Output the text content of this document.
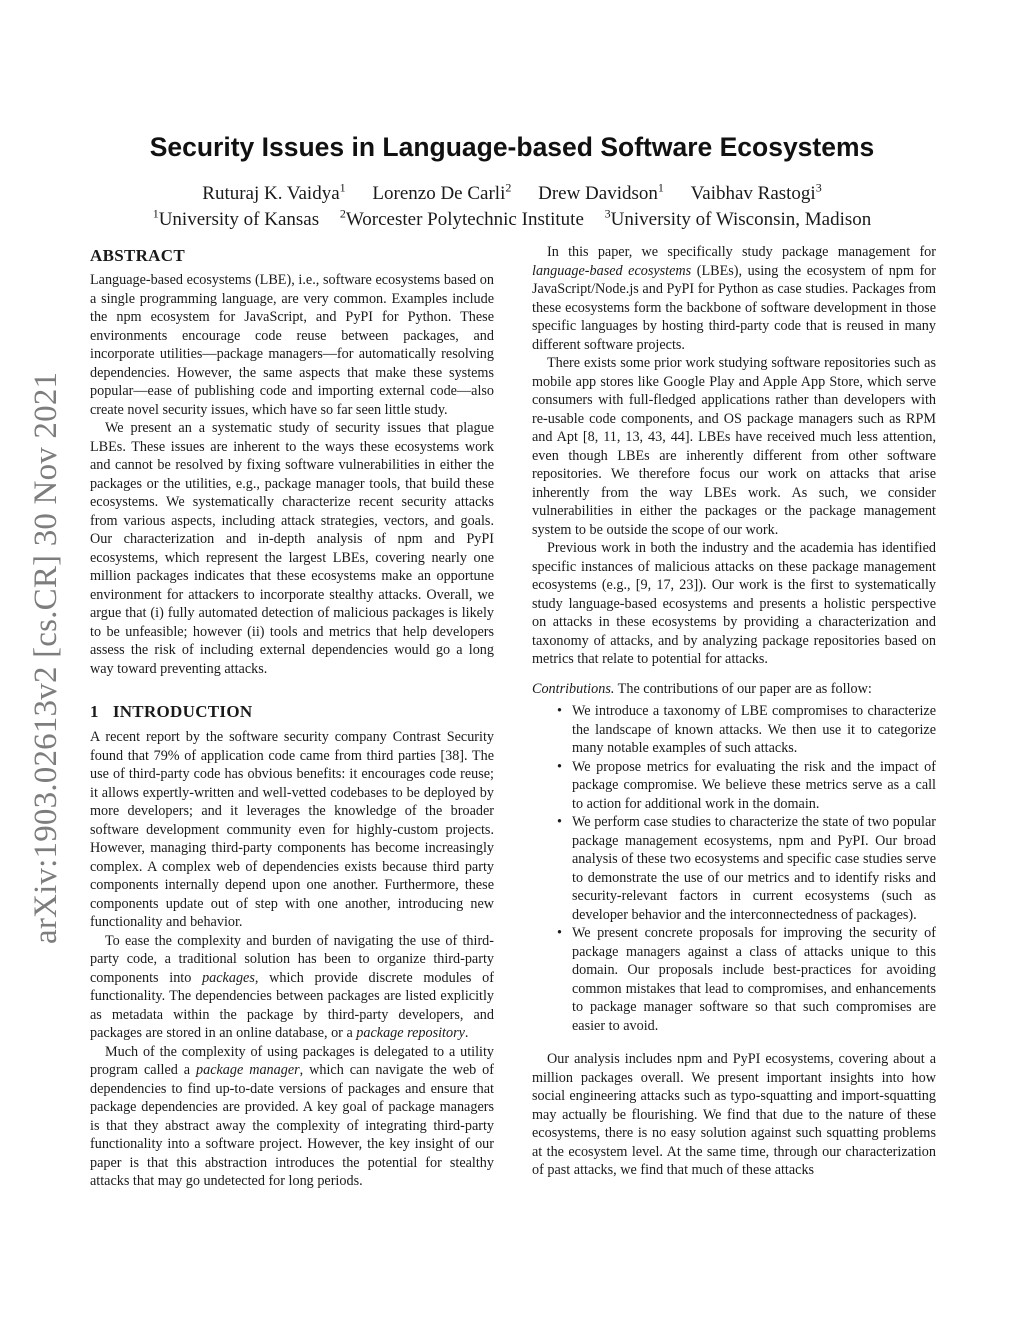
arXiv:1903.02613v2 [cs.CR] 30 Nov 2021
Security Issues in Language-based Software Ecosystems
Ruturaj K. Vaidya$^1$ Lorenzo De Carli$^2$ Drew Davidson$^1$ Vaibhav Rastogi$^3$
$^1$University of Kansas $^2$Worcester Polytechnic Institute $^3$University of Wisconsin, Madison
ABSTRACT

Language-based ecosystems (LBE), i.e., software ecosystems based on a single programming language, are very common. Examples include the npm ecosystem for JavaScript, and PyPI for Python. These environments encourage code reuse between packages, and incorporate utilities—package managers—for automatically resolving dependencies. However, the same aspects that make these systems popular—ease of publishing code and importing external code—also create novel security issues, which have so far seen little study.

We present an a systematic study of security issues that plague LBEs. These issues are inherent to the ways these ecosystems work and cannot be resolved by fixing software vulnerabilities in either the packages or the utilities, e.g., package manager tools, that build these ecosystems. We systematically characterize recent security attacks from various aspects, including attack strategies, vectors, and goals. Our characterization and in-depth analysis of npm and PyPI ecosystems, which represent the largest LBEs, covering nearly one million packages indicates that these ecosystems make an opportune environment for attackers to incorporate stealthy attacks. Overall, we argue that (i) fully automated detection of malicious packages is likely to be unfeasible; however (ii) tools and metrics that help developers assess the risk of including external dependencies would go a long way toward preventing attacks.

1 INTRODUCTION

A recent report by the software security company Contrast Security found that 79% of application code came from third parties [38]. The use of third-party code has obvious benefits: it encourages code reuse; it allows expertly-written and well-vetted codebases to be deployed by more developers; and it leverages the knowledge of the broader software development community even for highly-custom projects. However, managing third-party components has become increasingly complex. A complex web of dependencies exists because third party components internally depend upon one another. Furthermore, these components update out of step with one another, introducing new functionality and behavior.

To ease the complexity and burden of navigating the use of third-party code, a traditional solution has been to organize third-party components into packages, which provide discrete modules of functionality. The dependencies between packages are listed explicitly as metadata within the package by third-party developers, and packages are stored in an online database, or a package repository.

Much of the complexity of using packages is delegated to a utility program called a package manager, which can navigate the web of dependencies to find up-to-date versions of packages and ensure that package dependencies are provided. A key goal of package managers is that they abstract away the complexity of integrating third-party functionality into a software project. However, the key insight of our paper is that this abstraction introduces the potential for stealthy attacks that may go undetected for long periods.

In this paper, we specifically study package management for language-based ecosystems (LBEs), using the ecosystem of npm for JavaScript/Node.js and PyPI for Python as case studies. Packages from these ecosystems form the backbone of software development in those specific languages by hosting third-party code that is reused in many different software projects.

There exists some prior work studying software repositories such as mobile app stores like Google Play and Apple App Store, which serve consumers with full-fledged applications rather than developers with re-usable code components, and OS package managers such as RPM and Apt [8, 11, 13, 43, 44]. LBEs have received much less attention, even though LBEs are inherently different from other software repositories. We therefore focus our work on attacks that arise inherently from the way LBEs work. As such, we consider vulnerabilities in either the packages or the package management system to be outside the scope of our work.

Previous work in both the industry and the academia has identified specific instances of malicious attacks on these package management ecosystems (e.g., [9, 17, 23]). Our work is the first to systematically study language-based ecosystems and presents a holistic perspective on attacks in these ecosystems by providing a characterization and taxonomy of attacks, and by analyzing package repositories based on metrics that relate to potential for attacks.

Contributions. The contributions of our paper are as follow:

• We introduce a taxonomy of LBE compromises to characterize the landscape of known attacks. We then use it to categorize many notable examples of such attacks.
• We propose metrics for evaluating the risk and the impact of package compromise. We believe these metrics serve as a call to action for additional work in the domain.
• We perform case studies to characterize the state of two popular package management ecosystems, npm and PyPI. Our broad analysis of these two ecosystems and specific case studies serve to demonstrate the use of our metrics and to identify risks and security-relevant factors in current ecosystems (such as developer behavior and the interconnectedness of packages).
• We present concrete proposals for improving the security of package managers against a class of attacks unique to this domain. Our proposals include best-practices for avoiding common mistakes that lead to compromises, and enhancements to package manager software so that such compromises are easier to avoid.

Our analysis includes npm and PyPI ecosystems, covering about a million packages overall. We present important insights into how social engineering attacks such as typo-squatting and import-squatting may actually be flourishing. We find that due to the nature of these ecosystems, there is no easy solution against such squatting problems at the ecosystem level. At the same time, through our characterization of past attacks, we find that much of these attacks
